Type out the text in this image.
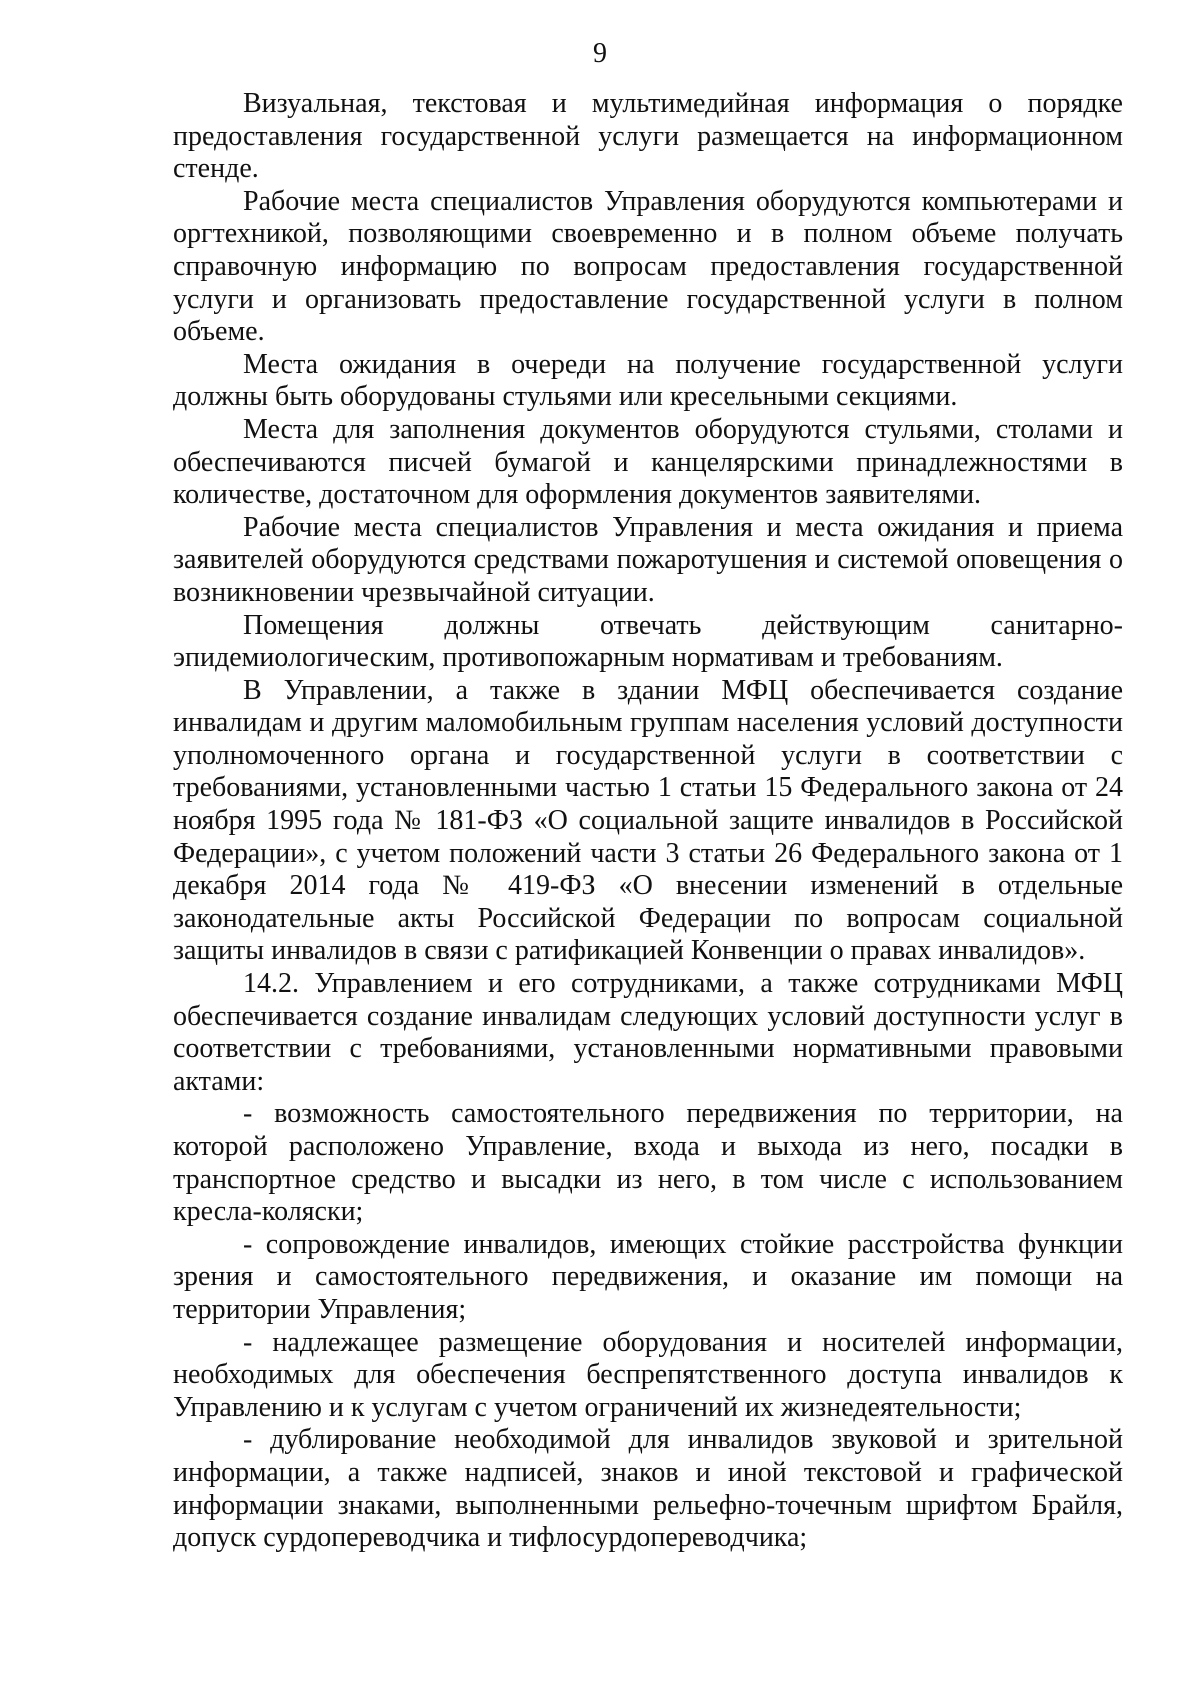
9

Визуальная, текстовая и мультимедийная информация о порядке предоставления государственной услуги размещается на информационном стенде.

Рабочие места специалистов Управления оборудуются компьютерами и оргтехникой, позволяющими своевременно и в полном объеме получать справочную информацию по вопросам предоставления государственной услуги и организовать предоставление государственной услуги в полном объеме.

Места ожидания в очереди на получение государственной услуги должны быть оборудованы стульями или кресельными секциями.

Места для заполнения документов оборудуются стульями, столами и обеспечиваются писчей бумагой и канцелярскими принадлежностями в количестве, достаточном для оформления документов заявителями.

Рабочие места специалистов Управления и места ожидания и приема заявителей оборудуются средствами пожаротушения и системой оповещения о возникновении чрезвычайной ситуации.

Помещения должны отвечать действующим санитарно-эпидемиологическим, противопожарным нормативам и требованиям.

В Управлении, а также в здании МФЦ обеспечивается создание инвалидам и другим маломобильным группам населения условий доступности уполномоченного органа и государственной услуги в соответствии с требованиями, установленными частью 1 статьи 15 Федерального закона от 24 ноября 1995 года № 181-ФЗ «О социальной защите инвалидов в Российской Федерации», с учетом положений части 3 статьи 26 Федерального закона от 1 декабря 2014 года № 419-ФЗ «О внесении изменений в отдельные законодательные акты Российской Федерации по вопросам социальной защиты инвалидов в связи с ратификацией Конвенции о правах инвалидов».

14.2. Управлением и его сотрудниками, а также сотрудниками МФЦ обеспечивается создание инвалидам следующих условий доступности услуг в соответствии с требованиями, установленными нормативными правовыми актами:

- возможность самостоятельного передвижения по территории, на которой расположено Управление, входа и выхода из него, посадки в транспортное средство и высадки из него, в том числе с использованием кресла-коляски;

- сопровождение инвалидов, имеющих стойкие расстройства функции зрения и самостоятельного передвижения, и оказание им помощи на территории Управления;

- надлежащее размещение оборудования и носителей информации, необходимых для обеспечения беспрепятственного доступа инвалидов к Управлению и к услугам с учетом ограничений их жизнедеятельности;

- дублирование необходимой для инвалидов звуковой и зрительной информации, а также надписей, знаков и иной текстовой и графической информации знаками, выполненными рельефно-точечным шрифтом Брайля, допуск сурдопереводчика и тифлосурдопереводчика;
